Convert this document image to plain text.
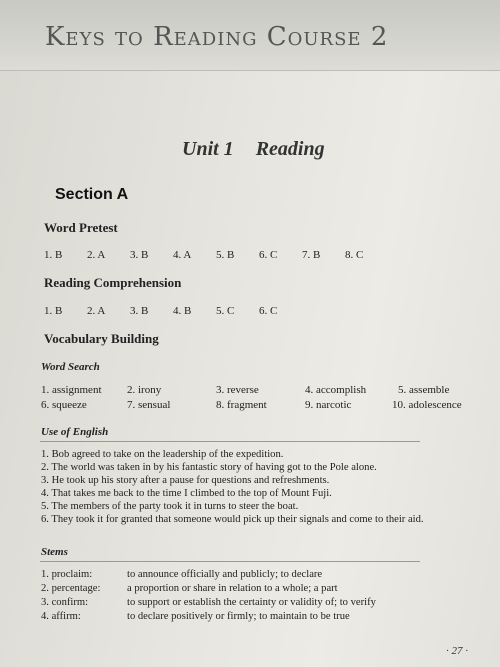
Keys to Reading Course 2
Unit 1 Reading
Section A
Word Pretest
1. B 2. A 3. B 4. A 5. B 6. C 7. B 8. C
Reading Comprehension
1. B 2. A 3. B 4. B 5. C 6. C
Vocabulary Building
Word Search
1. assignment 2. irony	3. reverse	4. accomplish	5. assemble
6. squeeze	7. sensual	8. fragment	9. narcotic	10. adolescence
Use of English
1. Bob agreed to take on the leadership of the expedition.
2. The world was taken in by his fantastic story of having got to the Pole alone.
3. He took up his story after a pause for questions and refreshments.
4. That takes me back to the time I climbed to the top of Mount Fuji.
5. The members of the party took it in turns to steer the boat.
6. They took it for granted that someone would pick up their signals and come to their aid.
Stems
1. proclaim:	to announce officially and publicly; to declare
2. percentage:	a proportion or share in relation to a whole; a part
3. confirm:	to support or establish the certainty or validity of; to verify
4. affirm:	to declare positively or firmly; to maintain to be true
· 27 ·
